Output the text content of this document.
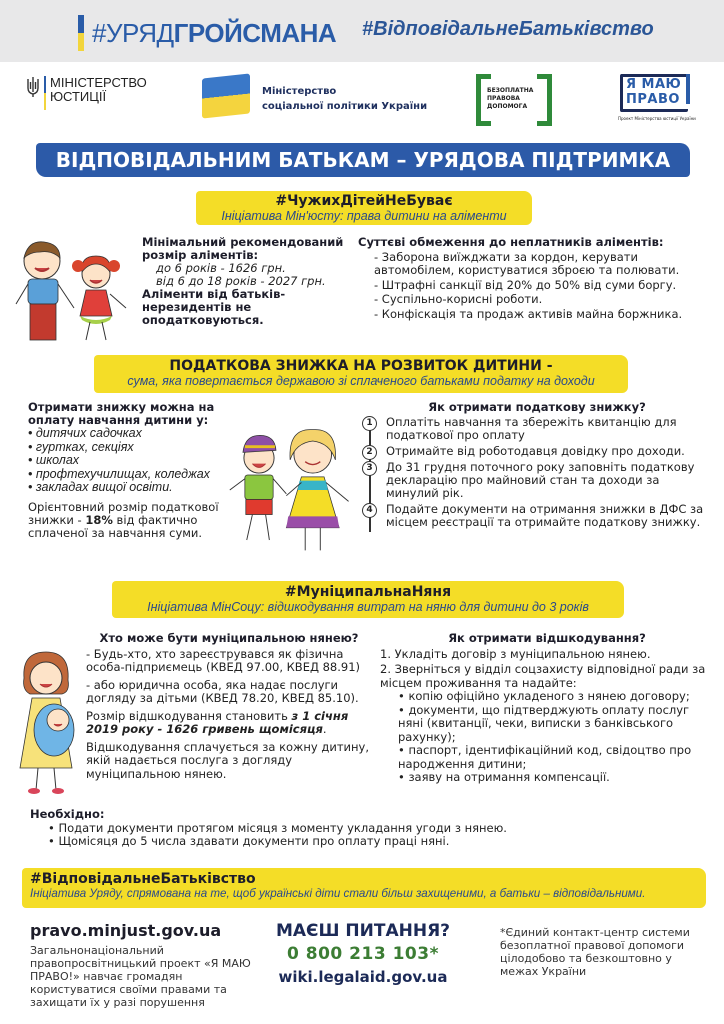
#УРЯД ГРОЙСМАНА #ВідповідальнеБатьківство
МІНІСТЕРСТВО ЮСТИЦІЇ	Міністерство
соціальної політики України
БЕЗОПЛАТНА ПРАВОВА ДОПОМОГА
Я МАЮ ПРАВО
Проект Міністерства юстиції України
ВІДПОВІДАЛЬНИМ БАТЬКАМ – УРЯДОВА ПІДТРИМКА
#ЧужихДітейНеБуває
Ініціатива Мін'юсту: права дитини на аліменти
Мінімальний рекомендований розмір аліментів:
до 6 років - 1626 грн.
від 6 до 18 років - 2027 грн.
Аліменти від батьків-нерезидентів не оподатковуються.
Суттєві обмеження до неплатників аліментів:
- Заборона виїжджати за кордон, керувати автомобілем, користуватися зброєю та полювати.
- Штрафні санкції від 20% до 50% від суми боргу.
- Суспільно-корисні роботи.
- Конфіскація та продаж активів майна боржника.
ПОДАТКОВА ЗНИЖКА НА РОЗВИТОК ДИТИНИ -
сума, яка повертається державою зі сплаченого батьками податку на доходи
Отримати знижку можна на оплату навчання дитини у:
• дитячих садочках
• гуртках, секціях
• школах
• профтехучилищах, коледжах
• закладах вищої освіти.
Орієнтовний розмір податкової знижки - 18% від фактично сплаченої за навчання суми.
Як отримати податкову знижку?
1	Оплатіть навчання та збережіть квитанцію для податкової про оплату
2	Отримайте від роботодавця довідку про доходи.
3	До 31 грудня поточного року заповніть податкову декларацію про майновий стан та доходи за минулий рік.
4	Подайте документи на отримання знижки в ДФС за місцем реєстрації та отримайте податкову знижку.
#МуніципальнаНяня
Ініціатива МінСоцу: відшкодування витрат на няню для дитини до 3 років
Хто може бути муніципальною нянею?
- Будь-хто, хто зареєструвався як фізична особа-підприємець (КВЕД 97.00, КВЕД 88.91)
- або юридична особа, яка надає послуги догляду за дітьми (КВЕД 78.20, КВЕД 85.10).
Розмір відшкодування становить з 1 січня 2019 року - 1626 гривень щомісяця.
Відшкодування сплачується за кожну дитину, якій надається послуга з догляду муніципальною нянею.
Як отримати відшкодування?
1. Укладіть договір з муніципальною нянею.
2. Зверніться у відділ соцзахисту відповідної ради за місцем проживання та надайте:
• копію офіційно укладеного з нянею договору;
• документи, що підтверджують оплату послуг няні (квитанції, чеки, виписки з банківського рахунку);
• паспорт, ідентифікаційний код, свідоцтво про народження дитини;
• заяву на отримання компенсації.
Необхідно:
• Подати документи протягом місяця з моменту укладання угоди з нянею.
• Щомісяця до 5 числа здавати документи про оплату праці няні.
#ВідповідальнеБатьківство
Ініціатива Уряду, спрямована на те, щоб українські діти стали більш захищеними, а батьки – відповідальними.
pravo.minjust.gov.ua
Загальнонаціональний правопросвітницький проект «Я МАЮ ПРАВО!» навчає громадян користуватися своїми правами та захищати їх у разі порушення
МАЄШ ПИТАННЯ?
0 800 213 103*
wiki.legalaid.gov.ua
*Єдиний контакт-центр системи безоплатної правової допомоги цілодобово та безкоштовно у межах України
